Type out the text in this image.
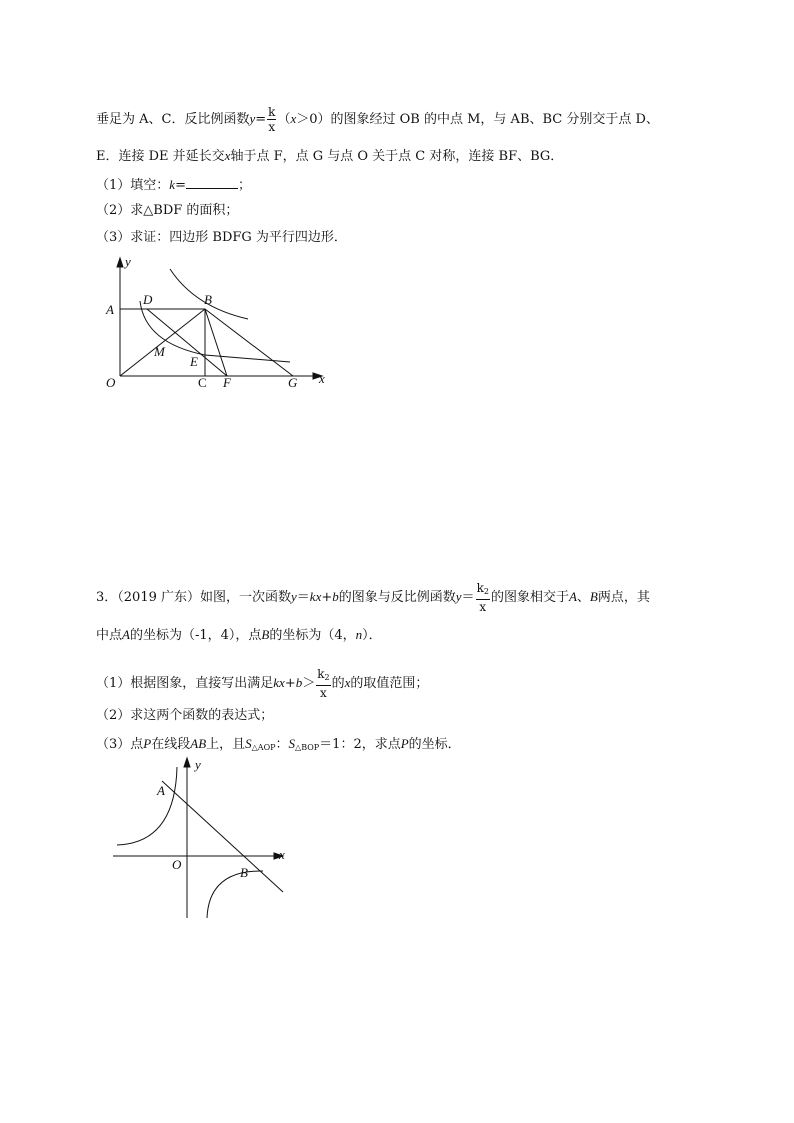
垂足为 A、C．反比例函数$y= \frac{k}{x} (x>0)$的图象经过 OB 的中点 M，与 AB、BC 分别交于点 D、
E．连接 DE 并延长交x轴于点 F，点 G 与点 O 关于点 C 对称，连接 BF、BG．
（1）填空：k=	；
（2）求△BDF 的面积；
（3）求证：四边形 BDFG 为平行四边形．
y
x
A
D	B
M
E
O	C F	G
3．（2019 广东）如图，一次函数y＝kx+b的图象与反比例函数$y= \frac{k_2}{x}$ 的图象相交于A、B两点，其
中点A的坐标为（-1，4），点B的坐标为（4，n）．
（1）根据图象，直接写出满足$kx+b> \frac{k_2}{x}$ 的x的取值范围；
（2）求这两个函数的表达式；
（3）点P在线段AB上，且$S_{\triangle AOP}$：$S_{\triangle BOP}=1$：2，求点P的坐标．
y
x
A
O
B
